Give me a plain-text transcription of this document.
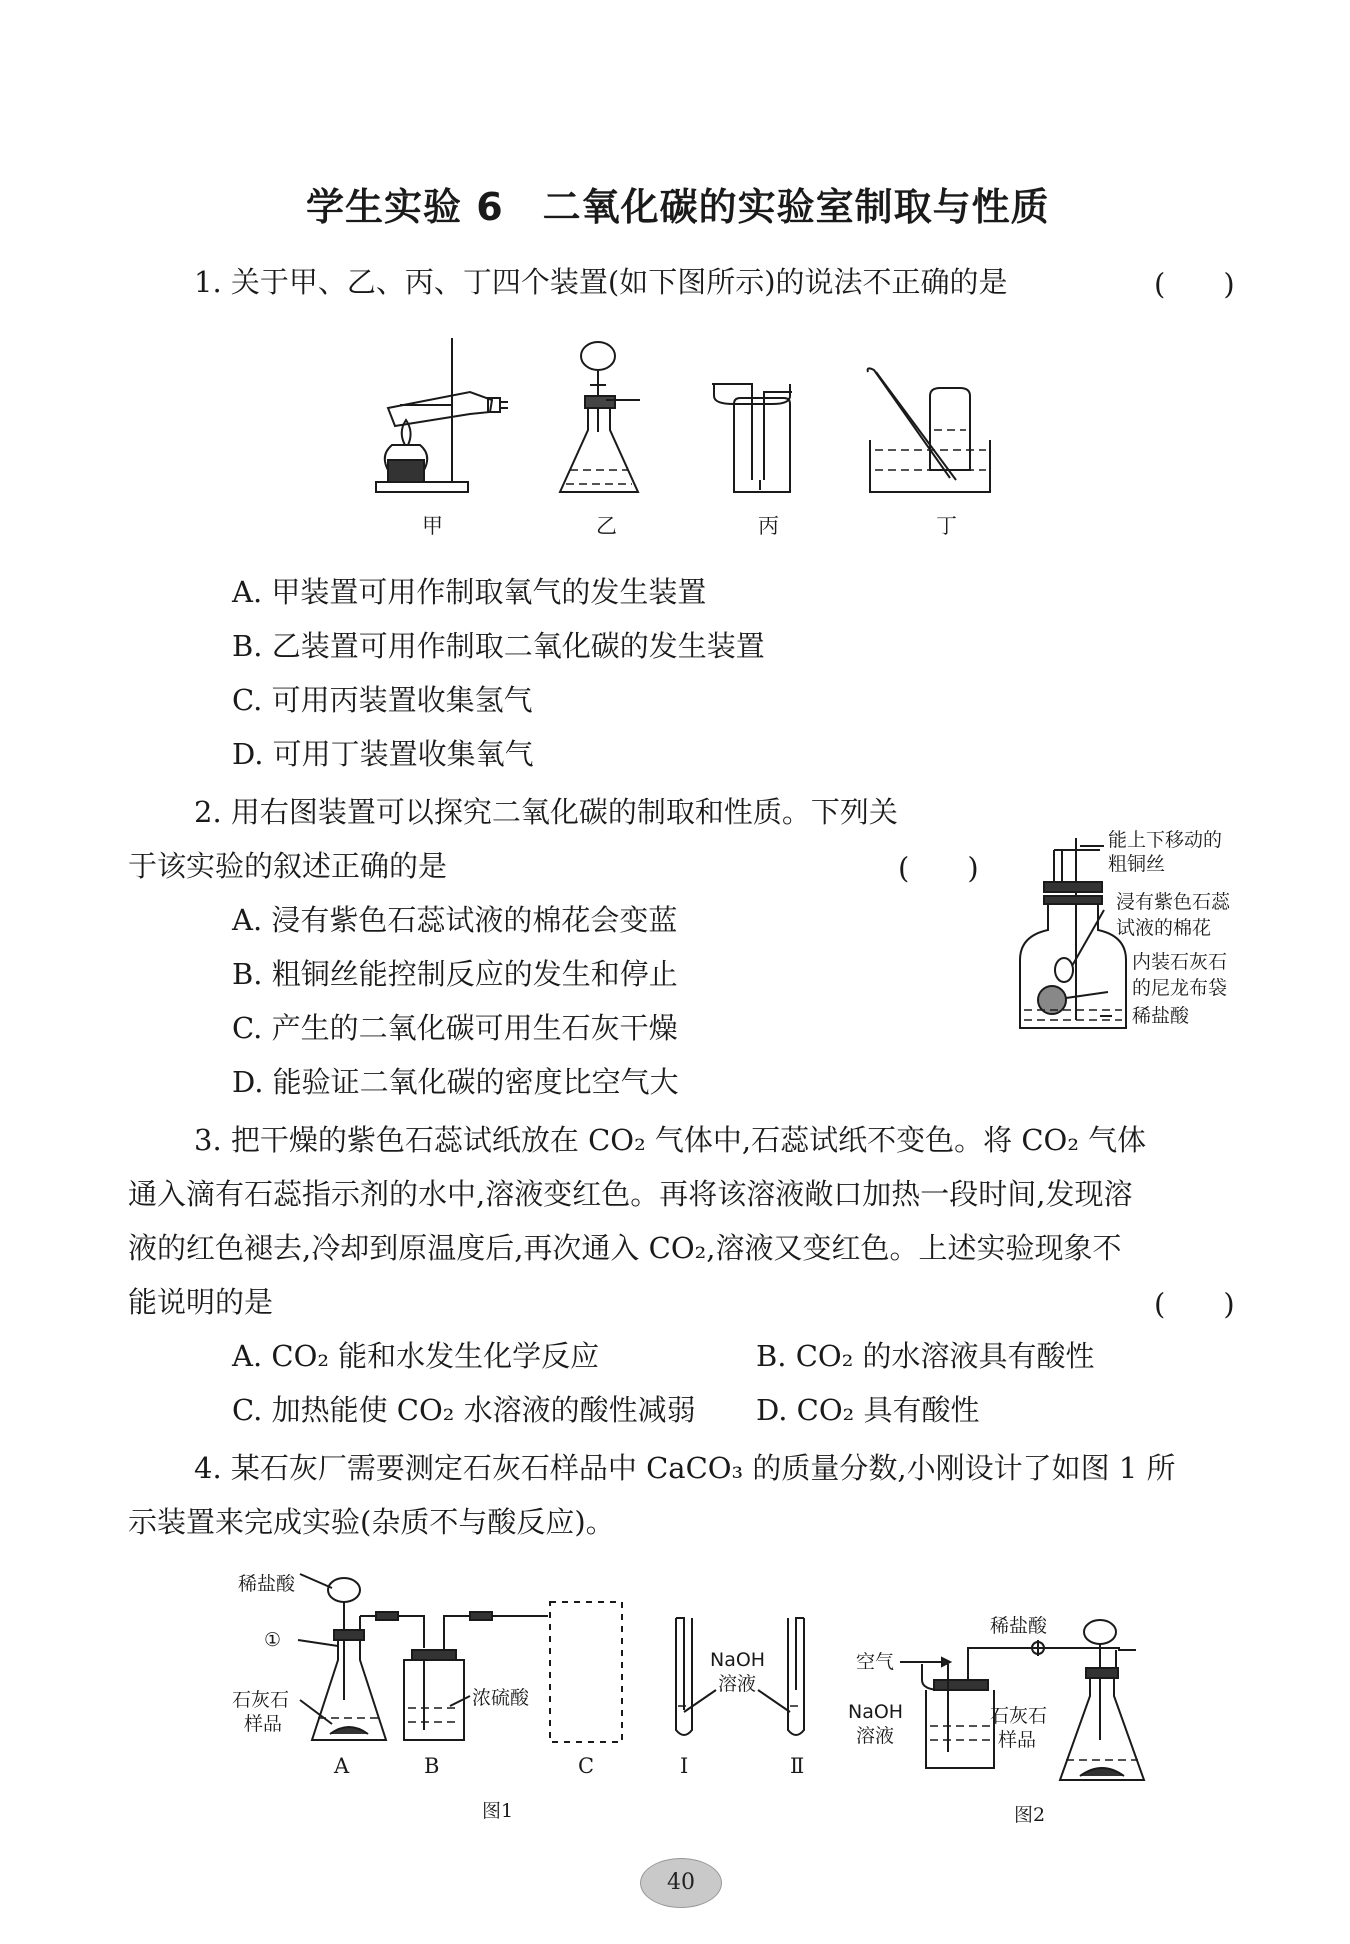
学生实验 6　二氧化碳的实验室制取与性质
1. 关于甲、乙、丙、丁四个装置(如下图所示)的说法不正确的是	(　　)
甲	乙	丙	丁
A. 甲装置可用作制取氧气的发生装置
B. 乙装置可用作制取二氧化碳的发生装置
C. 可用丙装置收集氢气
D. 可用丁装置收集氧气
2. 用右图装置可以探究二氧化碳的制取和性质。下列关
于该实验的叙述正确的是	(　　)
A. 浸有紫色石蕊试液的棉花会变蓝
B. 粗铜丝能控制反应的发生和停止
C. 产生的二氧化碳可用生石灰干燥
D. 能验证二氧化碳的密度比空气大
能上下移动的
粗铜丝
浸有紫色石蕊
试液的棉花
内装石灰石
的尼龙布袋
稀盐酸
3. 把干燥的紫色石蕊试纸放在 CO₂ 气体中,石蕊试纸不变色。将 CO₂ 气体
通入滴有石蕊指示剂的水中,溶液变红色。再将该溶液敞口加热一段时间,发现溶
液的红色褪去,冷却到原温度后,再次通入 CO₂,溶液又变红色。上述实验现象不
能说明的是	(　　)
A. CO₂ 能和水发生化学反应	B. CO₂ 的水溶液具有酸性
C. 加热能使 CO₂ 水溶液的酸性减弱 D. CO₂ 具有酸性
4. 某石灰厂需要测定石灰石样品中 CaCO₃ 的质量分数,小刚设计了如图 1 所
示装置来完成实验(杂质不与酸反应)。
稀盐酸
①
石灰石
样品
浓硫酸
NaOH
溶液
A	B	C	Ⅰ	Ⅱ
图1
空气
稀盐酸
NaOH
溶液
石灰石
样品
图2
40
